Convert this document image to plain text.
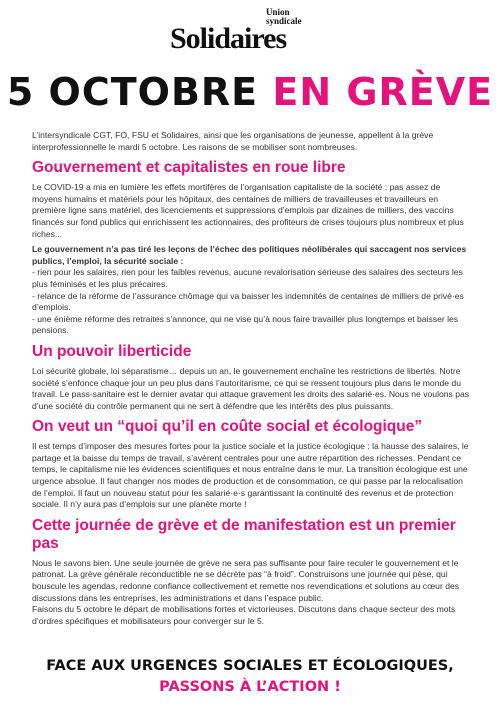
Union
syndicale
Solidaires
5 OCTOBRE EN GRÈVE

L’intersyndicale CGT, FO, FSU et Solidaires, ainsi que les organisations de jeunesse, appellent à la grève interprofessionnelle le mardi 5 octobre. Les raisons de se mobiliser sont nombreuses.

Gouvernement et capitalistes en roue libre

Le COVID-19 a mis en lumière les effets mortifères de l’organisation capitaliste de la société : pas assez de moyens humains et matériels pour les hôpitaux, des centaines de milliers de travailleuses et travailleurs en première ligne sans matériel, des licenciements et suppressions d’emplois par dizaines de milliers, des vaccins financés sur fond publics qui enrichissent les actionnaires, des profiteurs de crises toujours plus nombreux et plus riches...

Le gouvernement n’a pas tiré les leçons de l’échec des politiques néolibérales qui saccagent nos services publics, l’emploi, la sécurité sociale :

- rien pour les salaires, rien pour les faibles revenus, aucune revalorisation sérieuse des salaires des secteurs les plus féminisés et les plus précaires.

- relance de la réforme de l’assurance chômage qui va baisser les indemnités de centaines de milliers de privé·es d’emplois.

- une énième réforme des retraites s’annonce, qui ne vise qu’à nous faire travailler plus longtemps et baisser les pensions.

Un pouvoir liberticide

Loi sécurité globale, loi séparatisme… depuis un an, le gouvernement enchaîne les restrictions de libertés. Notre société s’enfonce chaque jour un peu plus dans l’autoritarisme, ce qui se ressent toujours plus dans le monde du travail. Le pass-sanitaire est le dernier avatar qui attaque gravement les droits des salarié·es. Nous ne voulons pas d’une société du contrôle permanent qui ne sert à défendre que les intérêts des plus puissants.

On veut un “quoi qu’il en coûte social et écologique”

Il est temps d’imposer des mesures fortes pour la justice sociale et la justice écologique : la hausse des salaires, le partage et la baisse du temps de travail, s’avèrent centrales pour une autre répartition des richesses. Pendant ce temps, le capitalisme nie les évidences scientifiques et nous entraîne dans le mur. La transition écologique est une urgence absolue. Il faut changer nos modes de production et de consommation, ce qui passe par la relocalisation de l’emploi. Il faut un nouveau statut pour les salarié·e·s garantissant la continuité des revenus et de protection sociale. Il n’y aura pas d’emplois sur une planète morte !

Cette journée de grève et de manifestation est un premier pas

Nous le savons bien. Une seule journée de grève ne sera pas suffisante pour faire reculer le gouvernement et le patronat. La grève générale reconductible ne se décrète pas “à froid”. Construisons une journée qui pèse, qui bouscule les agendas, redonne confiance collectivement et remette nos revendications et solutions au cœur des discussions dans les entreprises, les administrations et dans l’espace public.

Faisons du 5 octobre le départ de mobilisations fortes et victorieuses. Discutons dans chaque secteur des mots d’ordres spécifiques et mobilisateurs pour converger sur le 5.

FACE AUX URGENCES SOCIALES ET ÉCOLOGIQUES,
PASSONS À L’ACTION !
